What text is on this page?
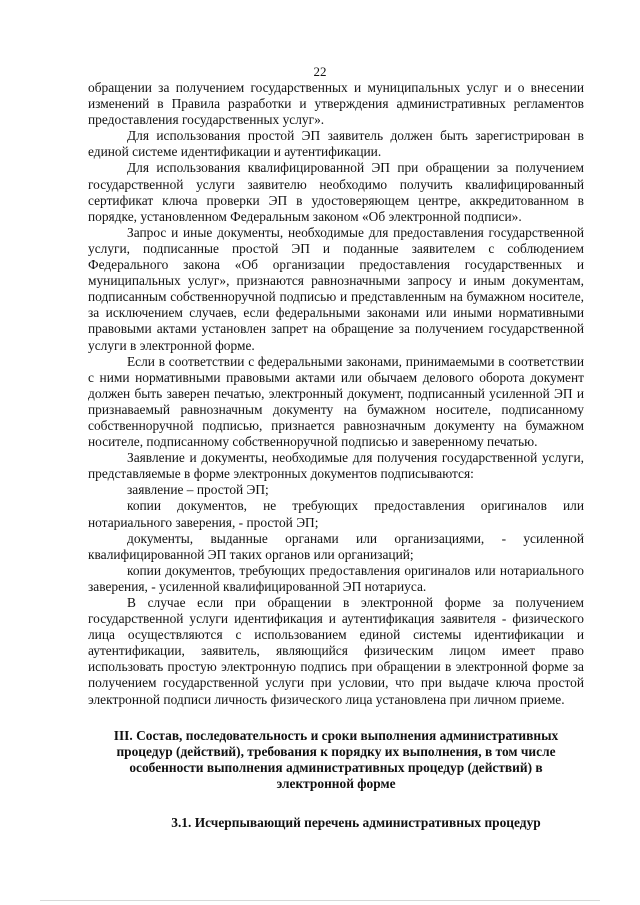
22

обращении за получением государственных и муниципальных услуг и о внесении изменений в Правила разработки и утверждения административных регламентов предоставления государственных услуг».

Для использования простой ЭП заявитель должен быть зарегистрирован в единой системе идентификации и аутентификации.

Для использования квалифицированной ЭП при обращении за получением государственной услуги заявителю необходимо получить квалифицированный сертификат ключа проверки ЭП в удостоверяющем центре, аккредитованном в порядке, установленном Федеральным законом «Об электронной подписи».

Запрос и иные документы, необходимые для предоставления государственной услуги, подписанные простой ЭП и поданные заявителем с соблюдением Федерального закона «Об организации предоставления государственных и муниципальных услуг», признаются равнозначными запросу и иным документам, подписанным собственноручной подписью и представленным на бумажном носителе, за исключением случаев, если федеральными законами или иными нормативными правовыми актами установлен запрет на обращение за получением государственной услуги в электронной форме.

Если в соответствии с федеральными законами, принимаемыми в соответствии с ними нормативными правовыми актами или обычаем делового оборота документ должен быть заверен печатью, электронный документ, подписанный усиленной ЭП и признаваемый равнозначным документу на бумажном носителе, подписанному собственноручной подписью, признается равнозначным документу на бумажном носителе, подписанному собственноручной подписью и заверенному печатью.

Заявление и документы, необходимые для получения государственной услуги, представляемые в форме электронных документов подписываются:

заявление – простой ЭП;

копии документов, не требующих предоставления оригиналов или нотариального заверения, - простой ЭП;

документы, выданные органами или организациями, - усиленной квалифицированной ЭП таких органов или организаций;

копии документов, требующих предоставления оригиналов или нотариального заверения, - усиленной квалифицированной ЭП нотариуса.

В случае если при обращении в электронной форме за получением государственной услуги идентификация и аутентификация заявителя - физического лица осуществляются с использованием единой системы идентификации и аутентификации, заявитель, являющийся физическим лицом имеет право использовать простую электронную подпись при обращении в электронной форме за получением государственной услуги при условии, что при выдаче ключа простой электронной подписи личность физического лица установлена при личном приеме.

III. Состав, последовательность и сроки выполнения административных процедур (действий), требования к порядку их выполнения, в том числе особенности выполнения административных процедур (действий) в электронной форме

3.1. Исчерпывающий перечень административных процедур
